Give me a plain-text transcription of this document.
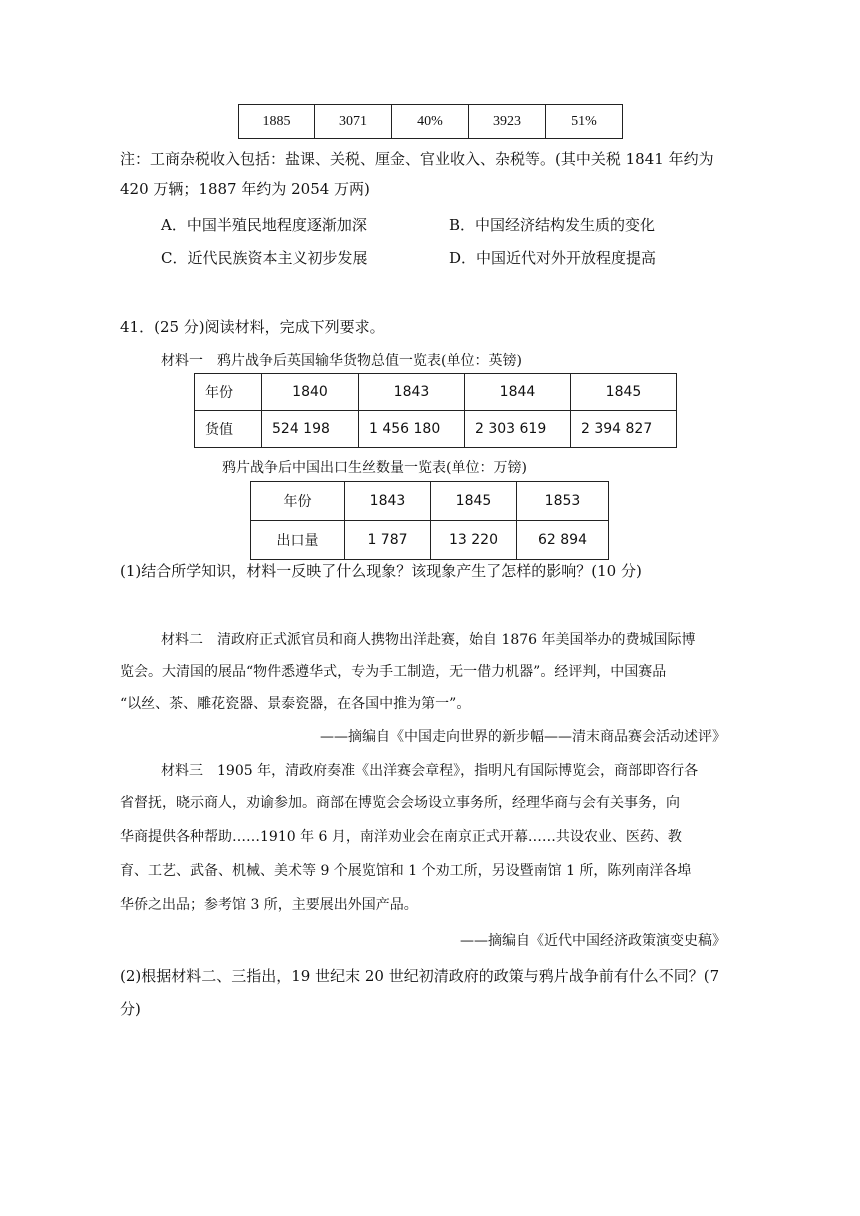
1885	3071	40%	3923	51%
注：工商杂税收入包括：盐课、关税、厘金、官业收入、杂税等。(其中关税 1841 年约为
420 万辆；1887 年约为 2054 万两)
A．中国半殖民地程度逐渐加深	B．中国经济结构发生质的变化
C．近代民族资本主义初步发展	D．中国近代对外开放程度提高
41．(25 分)阅读材料，完成下列要求。
材料一　鸦片战争后英国输华货物总值一览表(单位：英镑)
年份	1840	1843	1844	1845
货值	524 198	1 456 180	2 303 619	2 394 827
鸦片战争后中国出口生丝数量一览表(单位：万镑)
年份	1843	1845	1853
出口量	1 787	13 220	62 894
(1)结合所学知识，材料一反映了什么现象？该现象产生了怎样的影响？(10 分)
材料二　清政府正式派官员和商人携物出洋赴赛，始自 1876 年美国举办的费城国际博
览会。大清国的展品“物件悉遵华式，专为手工制造，无一借力机器”。经评判，中国赛品
“以丝、茶、雕花瓷器、景泰瓷器，在各国中推为第一”。
——摘编自《中国走向世界的新步幅——清末商品赛会活动述评》
材料三　1905 年，清政府奏准《出洋赛会章程》，指明凡有国际博览会，商部即咨行各
省督抚，晓示商人，劝谕参加。商部在博览会会场设立事务所，经理华商与会有关事务，向
华商提供各种帮助……1910 年 6 月，南洋劝业会在南京正式开幕……共设农业、医药、教
育、工艺、武备、机械、美术等 9 个展览馆和 1 个劝工所，另设暨南馆 1 所，陈列南洋各埠
华侨之出品；参考馆 3 所，主要展出外国产品。
——摘编自《近代中国经济政策演变史稿》
(2)根据材料二、三指出，19 世纪末 20 世纪初清政府的政策与鸦片战争前有什么不同？(7
分)
